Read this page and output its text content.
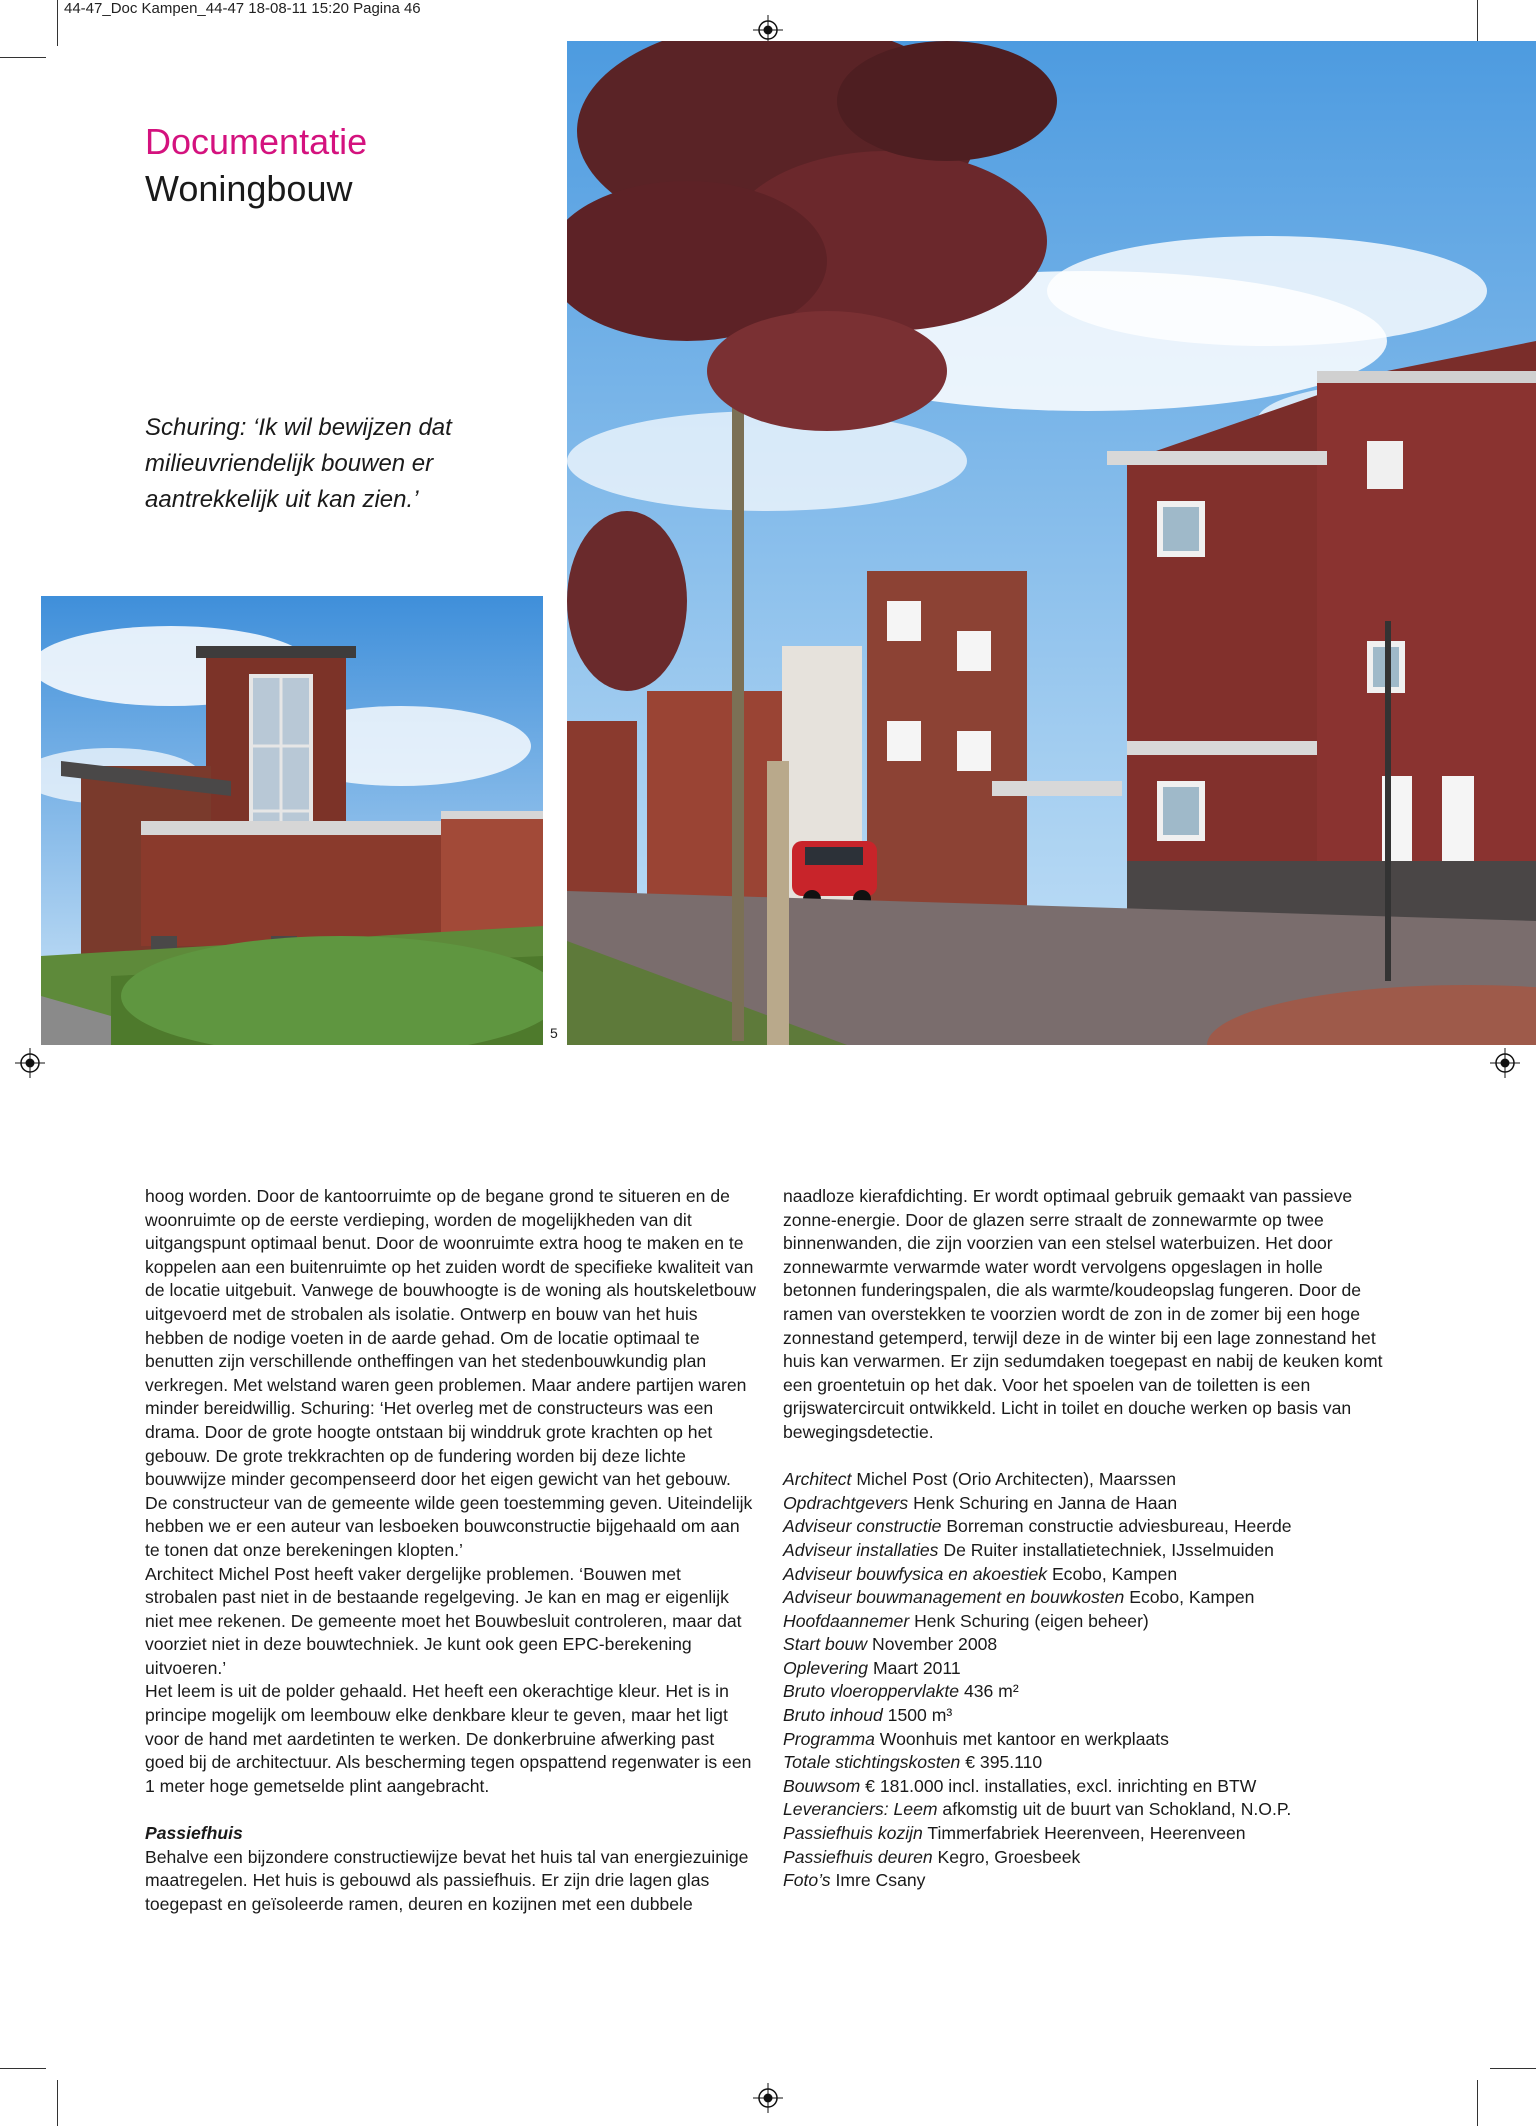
44-47_Doc Kampen_44-47 18-08-11 15:20 Pagina 46
Documentatie
Woningbouw
Schuring: ‘Ik wil bewijzen dat milieuvriendelijk bouwen er aantrekkelijk uit kan zien.’
5

hoog worden. Door de kantoorruimte op de begane grond te situeren en de woonruimte op de eerste verdieping, worden de mogelijkheden van dit uitgangspunt optimaal benut. Door de woonruimte extra hoog te maken en te koppelen aan een buitenruimte op het zuiden wordt de specifieke kwaliteit van de locatie uitgebuit. Vanwege de bouwhoogte is de woning als houtskeletbouw uitgevoerd met de strobalen als isolatie. Ontwerp en bouw van het huis hebben de nodige voeten in de aarde gehad. Om de locatie optimaal te benutten zijn verschillende ontheffingen van het stedenbouwkundig plan verkregen. Met welstand waren geen problemen. Maar andere partijen waren minder bereidwillig. Schuring: ‘Het overleg met de constructeurs was een drama. Door de grote hoogte ontstaan bij winddruk grote krachten op het gebouw. De grote trekkrachten op de fundering worden bij deze lichte bouwwijze minder gecompenseerd door het eigen gewicht van het gebouw. De constructeur van de gemeente wilde geen toestemming geven. Uiteindelijk hebben we er een auteur van lesboeken bouwconstructie bijgehaald om aan te tonen dat onze berekeningen klopten.’

Architect Michel Post heeft vaker dergelijke problemen. ‘Bouwen met strobalen past niet in de bestaande regelgeving. Je kan en mag er eigenlijk niet mee rekenen. De gemeente moet het Bouwbesluit controleren, maar dat voorziet niet in deze bouwtechniek. Je kunt ook geen EPC-berekening uitvoeren.’

Het leem is uit de polder gehaald. Het heeft een okerachtige kleur. Het is in principe mogelijk om leembouw elke denkbare kleur te geven, maar het ligt voor de hand met aardetinten te werken. De donkerbruine afwerking past goed bij de architectuur. Als bescherming tegen opspattend regenwater is een 1 meter hoge gemetselde plint aangebracht.

Passiefhuis

Behalve een bijzondere constructiewijze bevat het huis tal van energiezuinige maatregelen. Het huis is gebouwd als passiefhuis. Er zijn drie lagen glas toegepast en geïsoleerde ramen, deuren en kozijnen met een dubbele

naadloze kierafdichting. Er wordt optimaal gebruik gemaakt van passieve zonne-energie. Door de glazen serre straalt de zonnewarmte op twee binnenwanden, die zijn voorzien van een stelsel waterbuizen. Het door zonnewarmte verwarmde water wordt vervolgens opgeslagen in holle betonnen funderingspalen, die als warmte/koudeopslag fungeren. Door de ramen van overstekken te voorzien wordt de zon in de zomer bij een hoge zonnestand getemperd, terwijl deze in de winter bij een lage zonnestand het huis kan verwarmen. Er zijn sedumdaken toegepast en nabij de keuken komt een groentetuin op het dak. Voor het spoelen van de toiletten is een grijswatercircuit ontwikkeld. Licht in toilet en douche werken op basis van bewegingsdetectie.

Architect Michel Post (Orio Architecten), Maarssen

Opdrachtgevers Henk Schuring en Janna de Haan

Adviseur constructie Borreman constructie adviesbureau, Heerde

Adviseur installaties De Ruiter installatietechniek, IJsselmuiden

Adviseur bouwfysica en akoestiek Ecobo, Kampen

Adviseur bouwmanagement en bouwkosten Ecobo, Kampen

Hoofdaannemer Henk Schuring (eigen beheer)

Start bouw November 2008

Oplevering Maart 2011

Bruto vloeroppervlakte 436 m²

Bruto inhoud 1500 m³

Programma Woonhuis met kantoor en werkplaats

Totale stichtingskosten € 395.110

Bouwsom € 181.000 incl. installaties, excl. inrichting en BTW

Leveranciers: Leem afkomstig uit de buurt van Schokland, N.O.P.

Passiefhuis kozijn Timmerfabriek Heerenveen, Heerenveen

Passiefhuis deuren Kegro, Groesbeek

Foto’s Imre Csany
